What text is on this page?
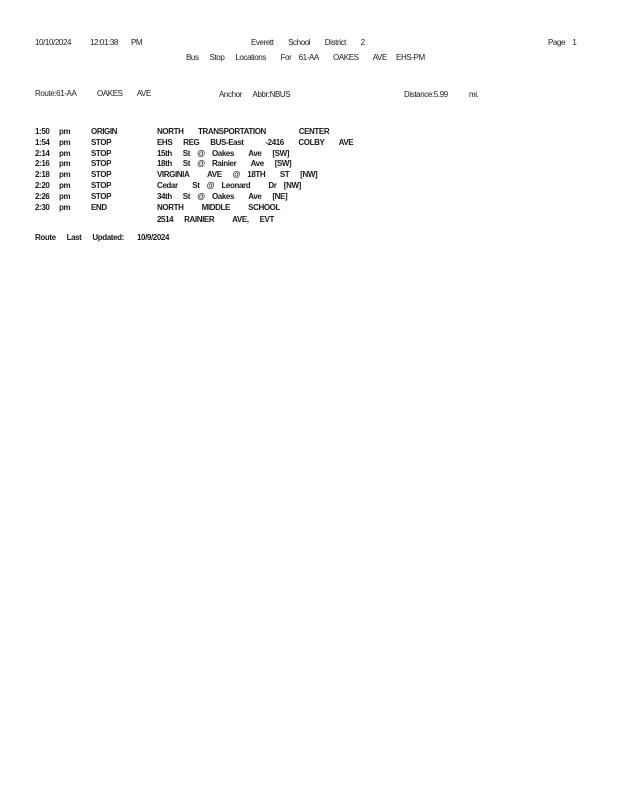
10/10/2024 12:01:38 PM	Everett        School        District        2	Page    1
Bus      Stop      Locations        For    61-AA        OAKES        AVE     EHS-PM
Route:61-AA	OAKES        AVE	Anchor      Abbr:NBUS	Distance:5.99	mi.
1:50 pm	ORIGIN	NORTH        TRANSPORTATION                  CENTER
1:54 pm	STOP	EHS      REG      BUS-East            -2416        COLBY        AVE
2:14 pm	STOP	15th      St    @    Oakes        Ave      [SW]
2:16 pm	STOP	18th      St    @    Rainier        Ave      [SW]
2:18 pm	STOP	VIRGINIA          AVE      @    18TH        ST      [NW]
2:20 pm	STOP	Cedar        St    @    Leonard          Dr    [NW]
2:26 pm	STOP	34th      St    @    Oakes        Ave      [NE]
2:30 pm	END	NORTH          MIDDLE          SCHOOL
2514      RAINIER          AVE,      EVT
Route      Last      Updated: 10/9/2024
